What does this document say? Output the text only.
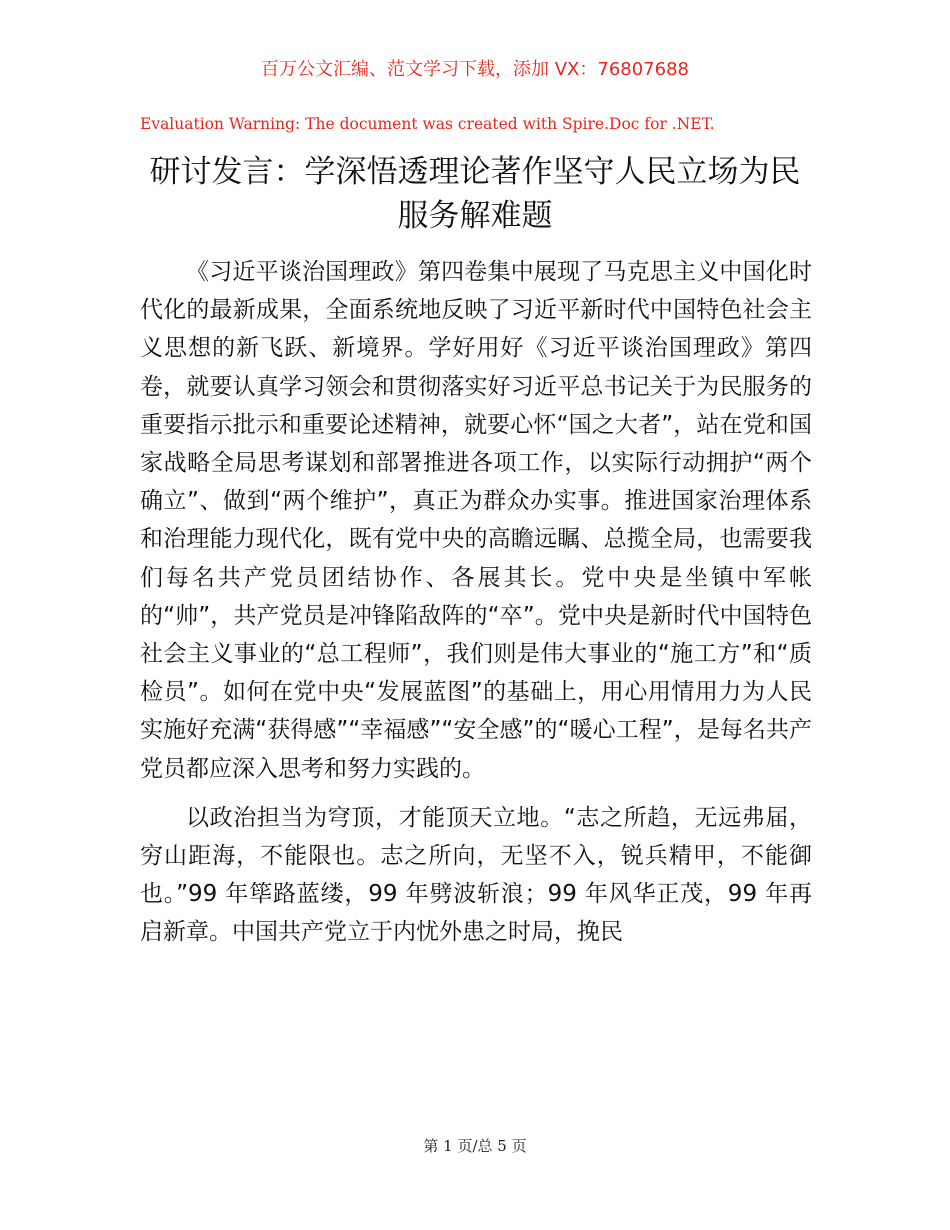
百万公文汇编、范文学习下载，添加 VX：76807688
Evaluation Warning: The document was created with Spire.Doc for .NET.
研讨发言：学深悟透理论著作坚守人民立场为民服务解难题

《习近平谈治国理政》第四卷集中展现了马克思主义中国化时代化的最新成果，全面系统地反映了习近平新时代中国特色社会主义思想的新飞跃、新境界。学好用好《习近平谈治国理政》第四卷，就要认真学习领会和贯彻落实好习近平总书记关于为民服务的重要指示批示和重要论述精神，就要心怀“国之大者”，站在党和国家战略全局思考谋划和部署推进各项工作，以实际行动拥护“两个确立”、做到“两个维护”，真正为群众办实事。推进国家治理体系和治理能力现代化，既有党中央的高瞻远瞩、总揽全局，也需要我们每名共产党员团结协作、各展其长。党中央是坐镇中军帐的“帅”，共产党员是冲锋陷敌阵的“卒”。党中央是新时代中国特色社会主义事业的“总工程师”，我们则是伟大事业的“施工方”和“质检员”。如何在党中央“发展蓝图”的基础上，用心用情用力为人民实施好充满“获得感”“幸福感”“安全感”的“暖心工程”，是每名共产党员都应深入思考和努力实践的。

以政治担当为穹顶，才能顶天立地。“志之所趋，无远弗届，穷山距海，不能限也。志之所向，无坚不入，锐兵精甲，不能御也。”99 年筚路蓝缕，99 年劈波斩浪；99 年风华正茂，99 年再启新章。中国共产党立于内忧外患之时局，挽民

第 1 页/总 5 页
